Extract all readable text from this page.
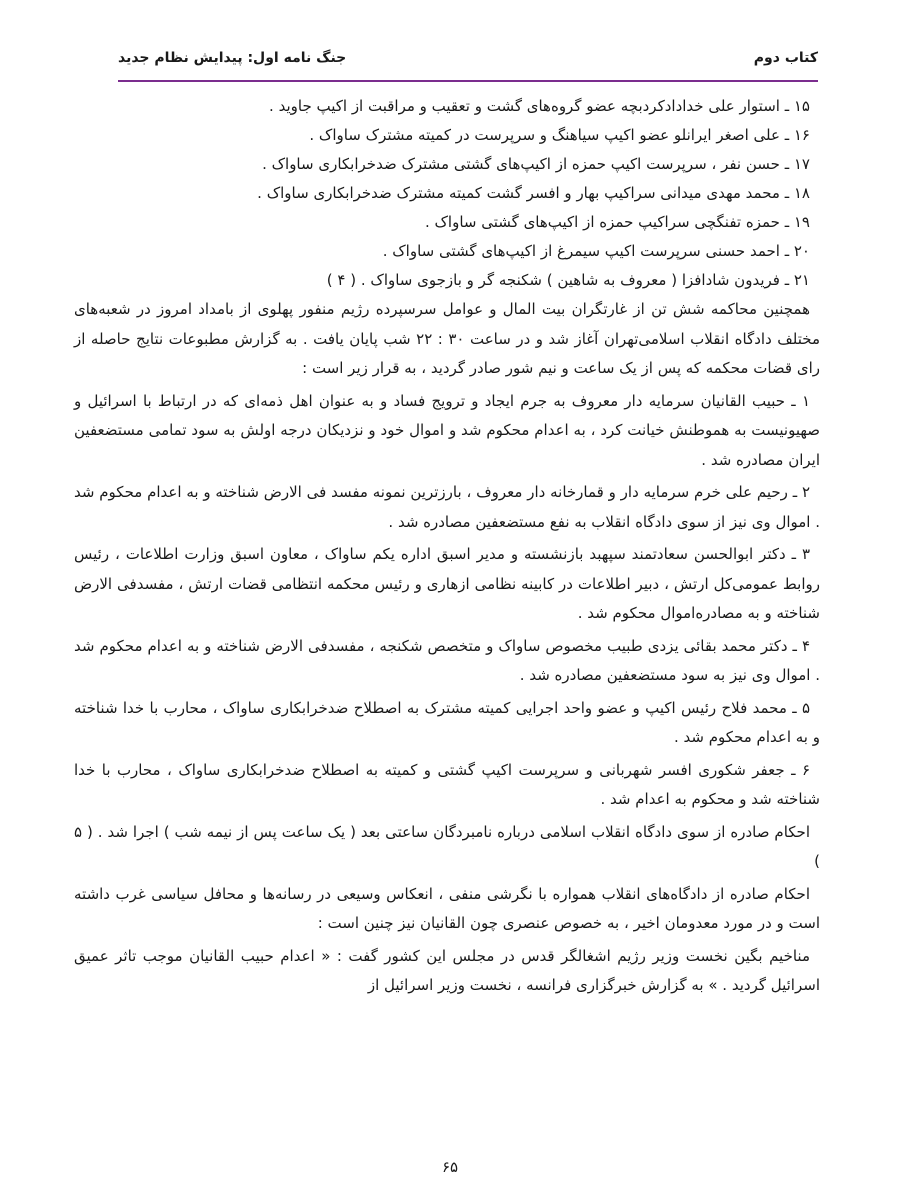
کتاب دوم
جنگ نامه اول: پیدایش نظام جدید
۱۵ ـ استوار علی خدادادکردبچه عضو گروه‌های گشت و تعقیب و مراقبت از اکیپ جاوید .
۱۶ ـ علی اصغر ایرانلو عضو اکیپ سیاهنگ و سرپرست در کمیته مشترک ساواک .
۱۷ ـ حسن نفر ، سرپرست اکیپ حمزه از اکیپ‌های گشتی مشترک ضدخرابکاری ساواک .
۱۸ ـ محمد مهدی میدانی سراکیپ بهار و افسر گشت کمیته مشترک ضدخرابکاری ساواک .
۱۹ ـ حمزه تفنگچی سراکیپ حمزه از اکیپ‌های گشتی ساواک .
۲۰ ـ احمد حسنی سرپرست اکیپ سیمرغ از اکیپ‌های گشتی ساواک .
۲۱ ـ فریدون شادافزا ( معروف به شاهین ) شکنجه گر و بازجوی ساواک . ( ۴ )

همچنین محاکمه شش تن از غارتگران بیت المال و عوامل سرسپرده رژیم منفور پهلوی از بامداد امروز در شعبه‌های مختلف دادگاه انقلاب اسلامی‌تهران آغاز شد و در ساعت ۳۰ : ۲۲ شب پایان یافت . به گزارش مطبوعات نتایج حاصله از رای قضات محکمه که پس از یک ساعت و نیم شور صادر گردید ، به قرار زیر است :

۱ ـ حبیب القانیان سرمایه دار معروف به جرم ایجاد و ترویج فساد و به عنوان اهل ذمه‌ای که در ارتباط با اسرائیل و صهیونیست به هموطنش خیانت کرد ، به اعدام محکوم شد و اموال خود و نزدیکان درجه اولش به سود تمامی مستضعفین ایران مصادره شد .

۲ ـ رحیم علی خرم سرمایه دار و قمارخانه دار معروف ، بارزترین نمونه مفسد فی الارض شناخته و به اعدام محکوم شد . اموال وی نیز از سوی دادگاه انقلاب به نفع مستضعفین مصادره شد .

۳ ـ دکتر ابوالحسن سعادتمند سپهبد بازنشسته و مدیر اسبق اداره یکم ساواک ، معاون اسبق وزارت اطلاعات ، رئیس روابط عمومی‌کل ارتش ، دبیر اطلاعات در کابینه نظامی ازهاری و رئیس محکمه انتظامی قضات ارتش ، مفسدفی الارض شناخته و به مصادره‌اموال محکوم شد .

۴ ـ دکتر محمد بقائی یزدی طبیب مخصوص ساواک و متخصص شکنجه ، مفسدفی الارض شناخته و به اعدام محکوم شد . اموال وی نیز به سود مستضعفین مصادره شد .

۵ ـ محمد فلاح رئیس اکیپ و عضو واحد اجرایی کمیته مشترک به اصطلاح ضدخرابکاری ساواک ، محارب با خدا شناخته و به اعدام محکوم شد .

۶ ـ جعفر شکوری افسر شهربانی و سرپرست اکیپ گشتی و کمیته به اصطلاح ضدخرابکاری ساواک ، محارب با خدا شناخته شد و محکوم به اعدام شد .

احکام صادره از سوی دادگاه انقلاب اسلامی درباره نامبردگان ساعتی بعد ( یک ساعت پس از نیمه شب ) اجرا شد . ( ۵ )

احکام صادره از دادگاه‌های انقلاب همواره با نگرشی منفی ، انعکاس وسیعی در رسانه‌ها و محافل سیاسی غرب داشته است و در مورد معدومان اخیر ، به خصوص عنصری چون القانیان نیز چنین است :

مناخیم بگین نخست وزیر رژیم اشغالگر قدس در مجلس این کشور گفت : « اعدام حبیب القانیان موجب تاثر عمیق اسرائیل گردید . » به گزارش خبرگزاری فرانسه ، نخست وزیر اسرائیل از

۶۵
